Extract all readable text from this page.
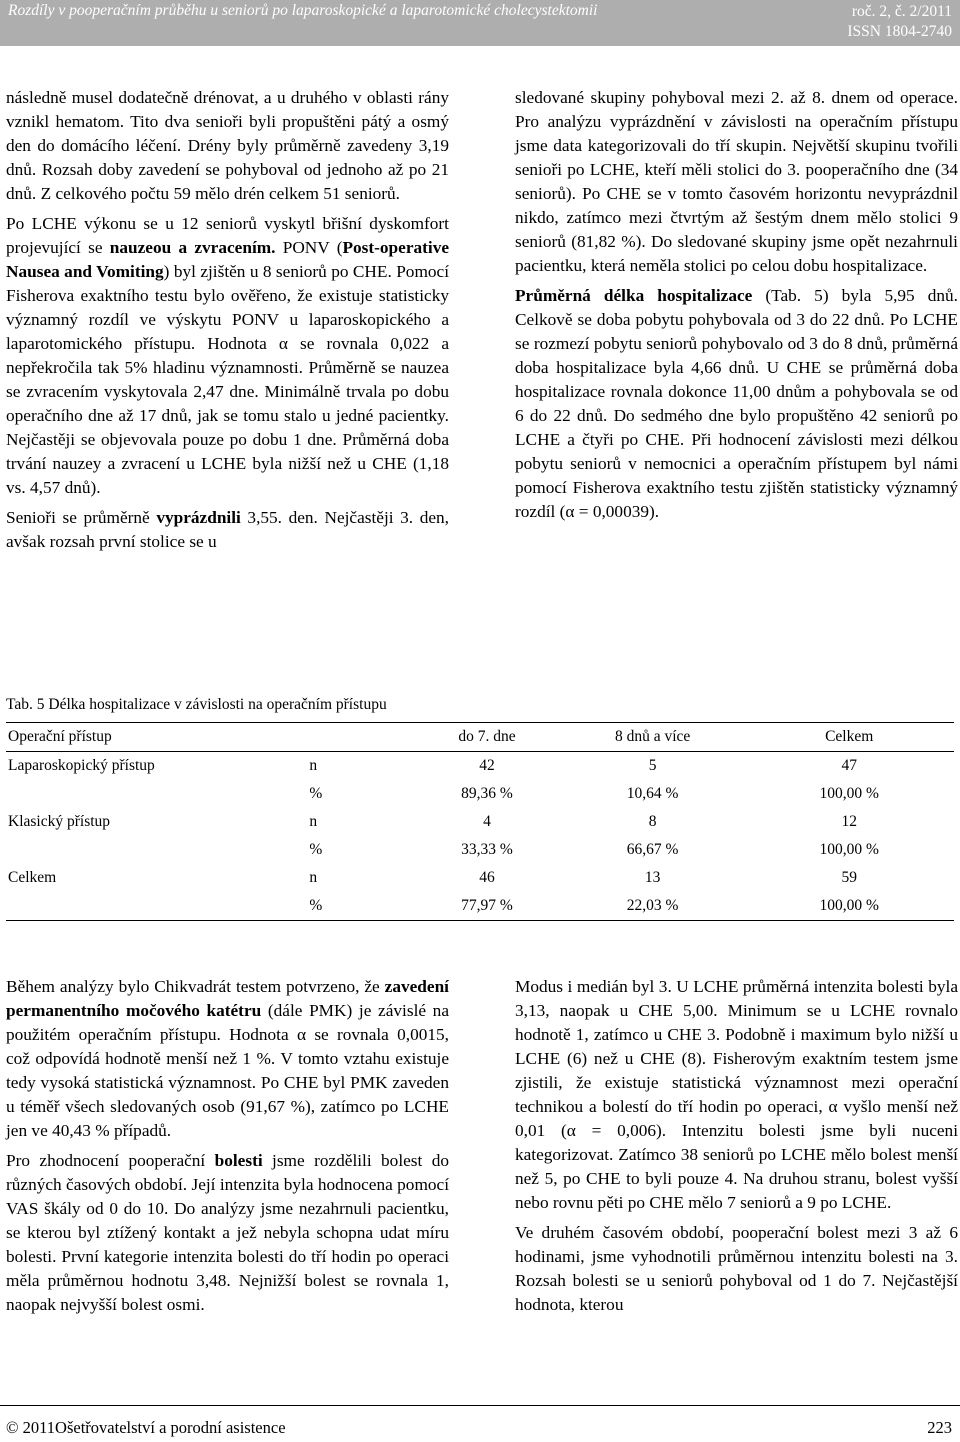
Rozdíly v pooperačním průběhu u seniorů po laparoskopické a laparotomické cholecystektomii	roč. 2, č. 2/2011
ISSN 1804-2740

následně musel dodatečně drénovat, a u druhého v oblasti rány vznikl hematom. Tito dva senioři byli propuštěni pátý a osmý den do domácího léčení. Drény byly průměrně zavedeny 3,19 dnů. Rozsah doby zavedení se pohyboval od jednoho až po 21 dnů. Z celkového počtu 59 mělo drén celkem 51 seniorů.

Po LCHE výkonu se u 12 seniorů vyskytl břišní dyskomfort projevující se nauzeou a zvracením. PONV (Post-operative Nausea and Vomiting) byl zjištěn u 8 seniorů po CHE. Pomocí Fisherova exaktního testu bylo ověřeno, že existuje statisticky významný rozdíl ve výskytu PONV u laparoskopického a laparotomického přístupu. Hodnota α se rovnala 0,022 a nepřekročila tak 5% hladinu významnosti. Průměrně se nauzea se zvracením vyskytovala 2,47 dne. Minimálně trvala po dobu operačního dne až 17 dnů, jak se tomu stalo u jedné pacientky. Nejčastěji se objevovala pouze po dobu 1 dne. Průměrná doba trvání nauzey a zvracení u LCHE byla nižší než u CHE (1,18 vs. 4,57 dnů).

Senioři se průměrně vyprázdnili 3,55. den. Nejčastěji 3. den, avšak rozsah první stolice se u

sledované skupiny pohyboval mezi 2. až 8. dnem od operace. Pro analýzu vyprázdnění v závislosti na operačním přístupu jsme data kategorizovali do tří skupin. Největší skupinu tvořili senioři po LCHE, kteří měli stolici do 3. pooperačního dne (34 seniorů). Po CHE se v tomto časovém horizontu nevyprázdnil nikdo, zatímco mezi čtvrtým až šestým dnem mělo stolici 9 seniorů (81,82 %). Do sledované skupiny jsme opět nezahrnuli pacientku, která neměla stolici po celou dobu hospitalizace.

Průměrná délka hospitalizace (Tab. 5) byla 5,95 dnů. Celkově se doba pobytu pohybovala od 3 do 22 dnů. Po LCHE se rozmezí pobytu seniorů pohybovalo od 3 do 8 dnů, průměrná doba hospitalizace byla 4,66 dnů. U CHE se průměrná doba hospitalizace rovnala dokonce 11,00 dnům a pohybovala se od 6 do 22 dnů. Do sedmého dne bylo propuštěno 42 seniorů po LCHE a čtyři po CHE. Při hodnocení závislosti mezi délkou pobytu seniorů v nemocnici a operačním přístupem byl námi pomocí Fisherova exaktního testu zjištěn statisticky významný rozdíl (α = 0,00039).

Tab. 5 Délka hospitalizace v závislosti na operačním přístupu
Operační přístup		do 7. dne	8 dnů a více	Celkem
Laparoskopický přístup	n	42	5	47
	%	89,36 %	10,64 %	100,00 %
Klasický přístup	n	4	8	12
	%	33,33 %	66,67 %	100,00 %
Celkem	n	46	13	59
	%	77,97 %	22,03 %	100,00 %

Během analýzy bylo Chikvadrát testem potvrzeno, že zavedení permanentního močového katétru (dále PMK) je závislé na použitém operačním přístupu. Hodnota α se rovnala 0,0015, což odpovídá hodnotě menší než 1 %. V tomto vztahu existuje tedy vysoká statistická významnost. Po CHE byl PMK zaveden u téměř všech sledovaných osob (91,67 %), zatímco po LCHE jen ve 40,43 % případů.

Pro zhodnocení pooperační bolesti jsme rozdělili bolest do různých časových období. Její intenzita byla hodnocena pomocí VAS škály od 0 do 10. Do analýzy jsme nezahrnuli pacientku, se kterou byl ztížený kontakt a jež nebyla schopna udat míru bolesti. První kategorie intenzita bolesti do tří hodin po operaci měla průměrnou hodnotu 3,48. Nejnižší bolest se rovnala 1, naopak nejvyšší bolest osmi.

Modus i medián byl 3. U LCHE průměrná intenzita bolesti byla 3,13, naopak u CHE 5,00. Minimum se u LCHE rovnalo hodnotě 1, zatímco u CHE 3. Podobně i maximum bylo nižší u LCHE (6) než u CHE (8). Fisherovým exaktním testem jsme zjistili, že existuje statistická významnost mezi operační technikou a bolestí do tří hodin po operaci, α vyšlo menší než 0,01 (α = 0,006). Intenzitu bolesti jsme byli nuceni kategorizovat. Zatímco 38 seniorů po LCHE mělo bolest menší než 5, po CHE to byli pouze 4. Na druhou stranu, bolest vyšší nebo rovnu pěti po CHE mělo 7 seniorů a 9 po LCHE.

Ve druhém časovém období, pooperační bolest mezi 3 až 6 hodinami, jsme vyhodnotili průměrnou intenzitu bolesti na 3. Rozsah bolesti se u seniorů pohyboval od 1 do 7. Nejčastější hodnota, kterou

© 2011Ošetřovatelství a porodní asistence	223
